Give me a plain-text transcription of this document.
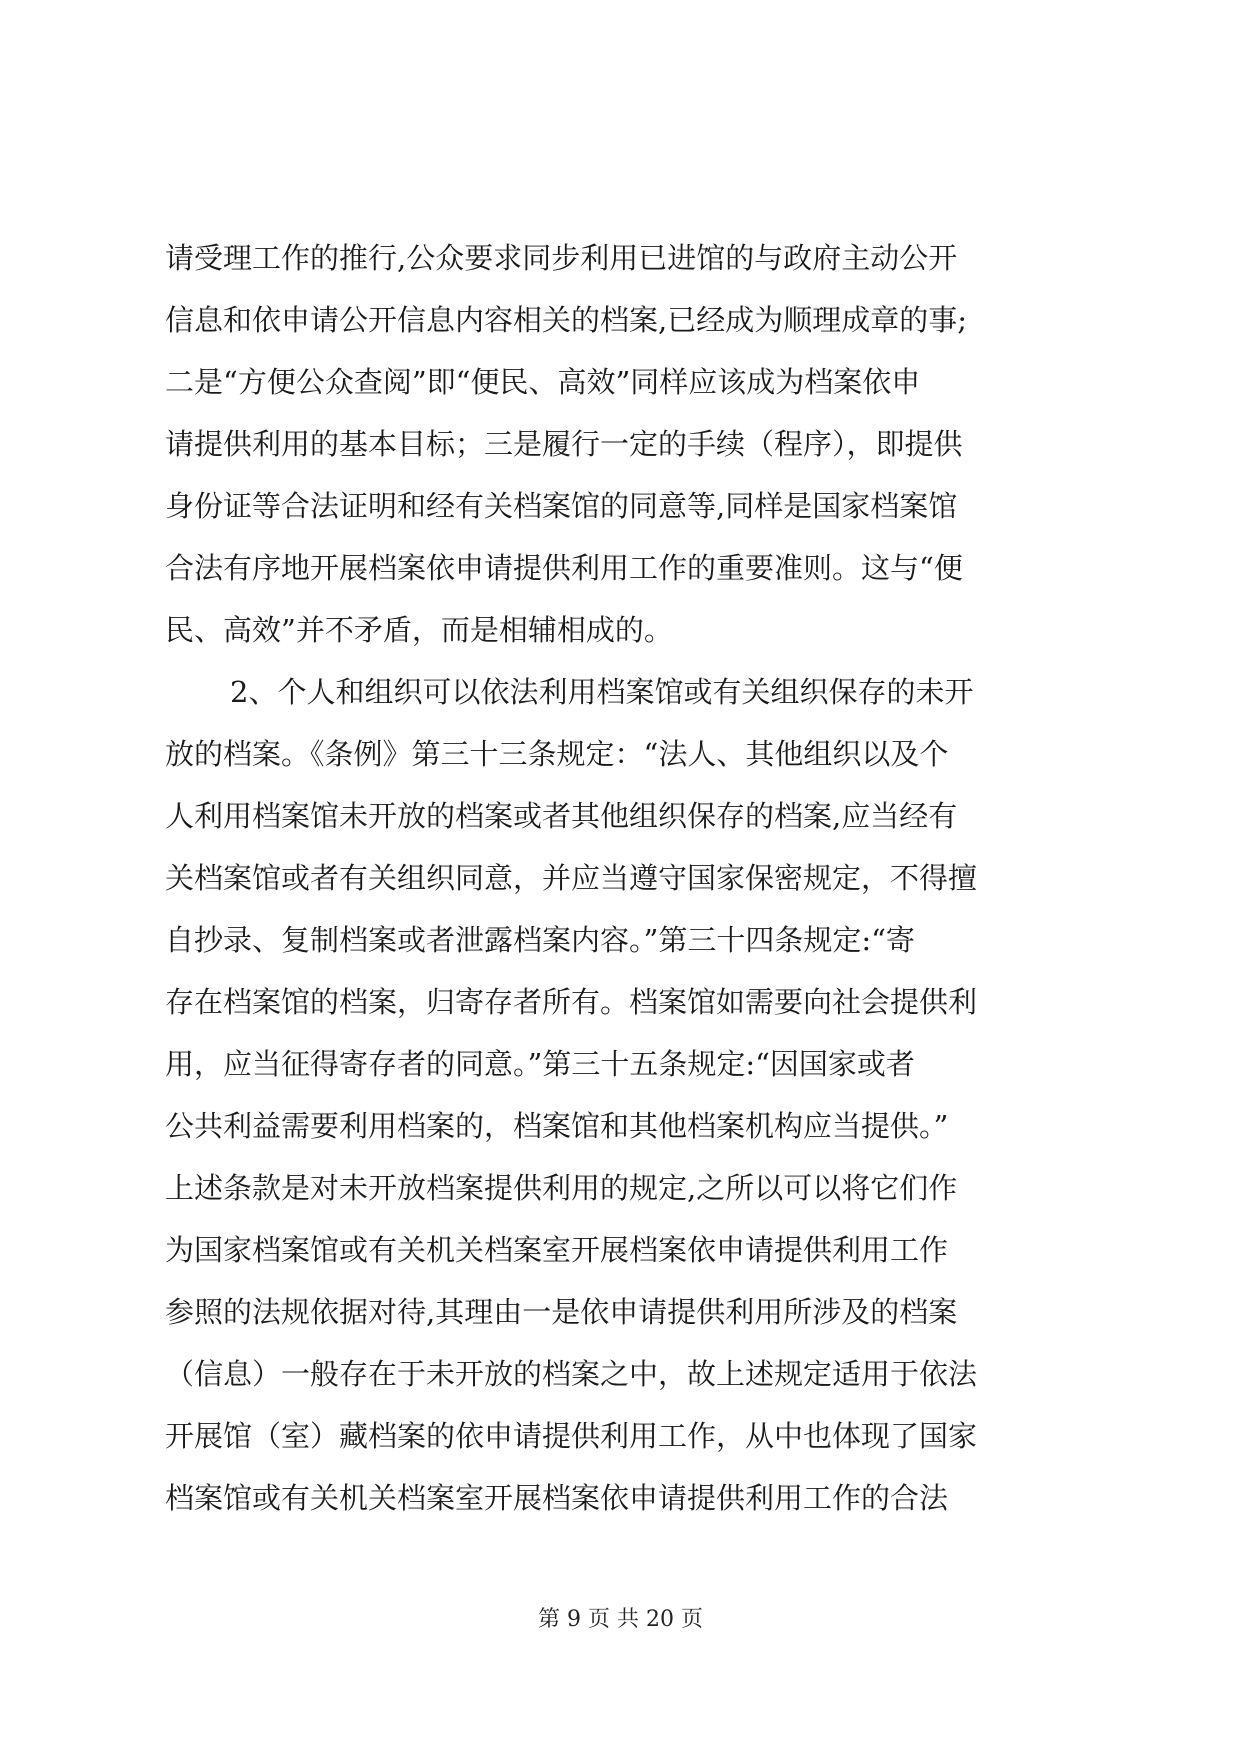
请受理工作的推行,公众要求同步利用已进馆的与政府主动公开
信息和依申请公开信息内容相关的档案,已经成为顺理成章的事;
二是“方便公众查阅”即“便民、高效”同样应该成为档案依申
请提供利用的基本目标；三是履行一定的手续（程序），即提供
身份证等合法证明和经有关档案馆的同意等,同样是国家档案馆
合法有序地开展档案依申请提供利用工作的重要准则。这与“便
民、高效”并不矛盾，而是相辅相成的。
2、个人和组织可以依法利用档案馆或有关组织保存的未开
放的档案。《条例》第三十三条规定：“法人、其他组织以及个
人利用档案馆未开放的档案或者其他组织保存的档案,应当经有
关档案馆或者有关组织同意，并应当遵守国家保密规定，不得擅
自抄录、复制档案或者泄露档案内容。”第三十四条规定:“寄
存在档案馆的档案，归寄存者所有。档案馆如需要向社会提供利
用，应当征得寄存者的同意。”第三十五条规定:“因国家或者
公共利益需要利用档案的，档案馆和其他档案机构应当提供。”
上述条款是对未开放档案提供利用的规定,之所以可以将它们作
为国家档案馆或有关机关档案室开展档案依申请提供利用工作
参照的法规依据对待,其理由一是依申请提供利用所涉及的档案
（信息）一般存在于未开放的档案之中，故上述规定适用于依法
开展馆（室）藏档案的依申请提供利用工作，从中也体现了国家
档案馆或有关机关档案室开展档案依申请提供利用工作的合法
第 9 页 共 20 页
